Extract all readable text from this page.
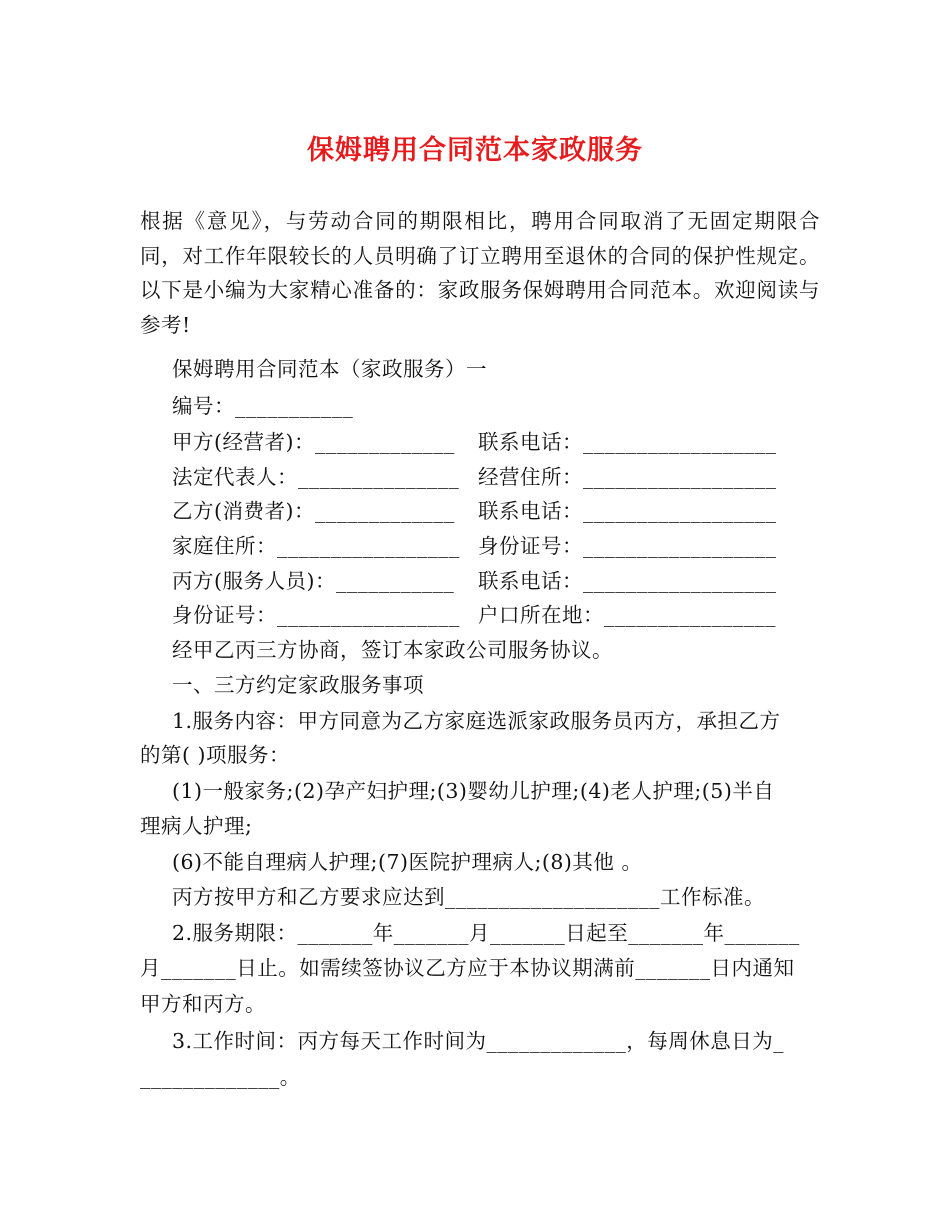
保姆聘用合同范本家政服务
根据《意见》，与劳动合同的期限相比，聘用合同取消了无固定期限合同，对工作年限较长的人员明确了订立聘用至退休的合同的保护性规定。以下是小编为大家精心准备的：家政服务保姆聘用合同范本。欢迎阅读与参考!
保姆聘用合同范本（家政服务）一
编号：___________
甲方(经营者)：_____________ 联系电话：__________________
法定代表人：_______________ 经营住所：__________________
乙方(消费者)：_____________ 联系电话：__________________
家庭住所：_________________ 身份证号：__________________
丙方(服务人员)：___________ 联系电话：__________________
身份证号：_________________ 户口所在地：________________
经甲乙丙三方协商，签订本家政公司服务协议。
一、三方约定家政服务事项
1.服务内容：甲方同意为乙方家庭选派家政服务员丙方，承担乙方
的第( )项服务：
(1)一般家务;(2)孕产妇护理;(3)婴幼儿护理;(4)老人护理;(5)半自
理病人护理;
(6)不能自理病人护理;(7)医院护理病人;(8)其他 。
丙方按甲方和乙方要求应达到____________________工作标准。
2.服务期限：_______年_______月_______日起至_______年_______
月_______日止。如需续签协议乙方应于本协议期满前_______日内通知
甲方和丙方。
3.工作时间：丙方每天工作时间为_____________，每周休息日为_
_____________。
